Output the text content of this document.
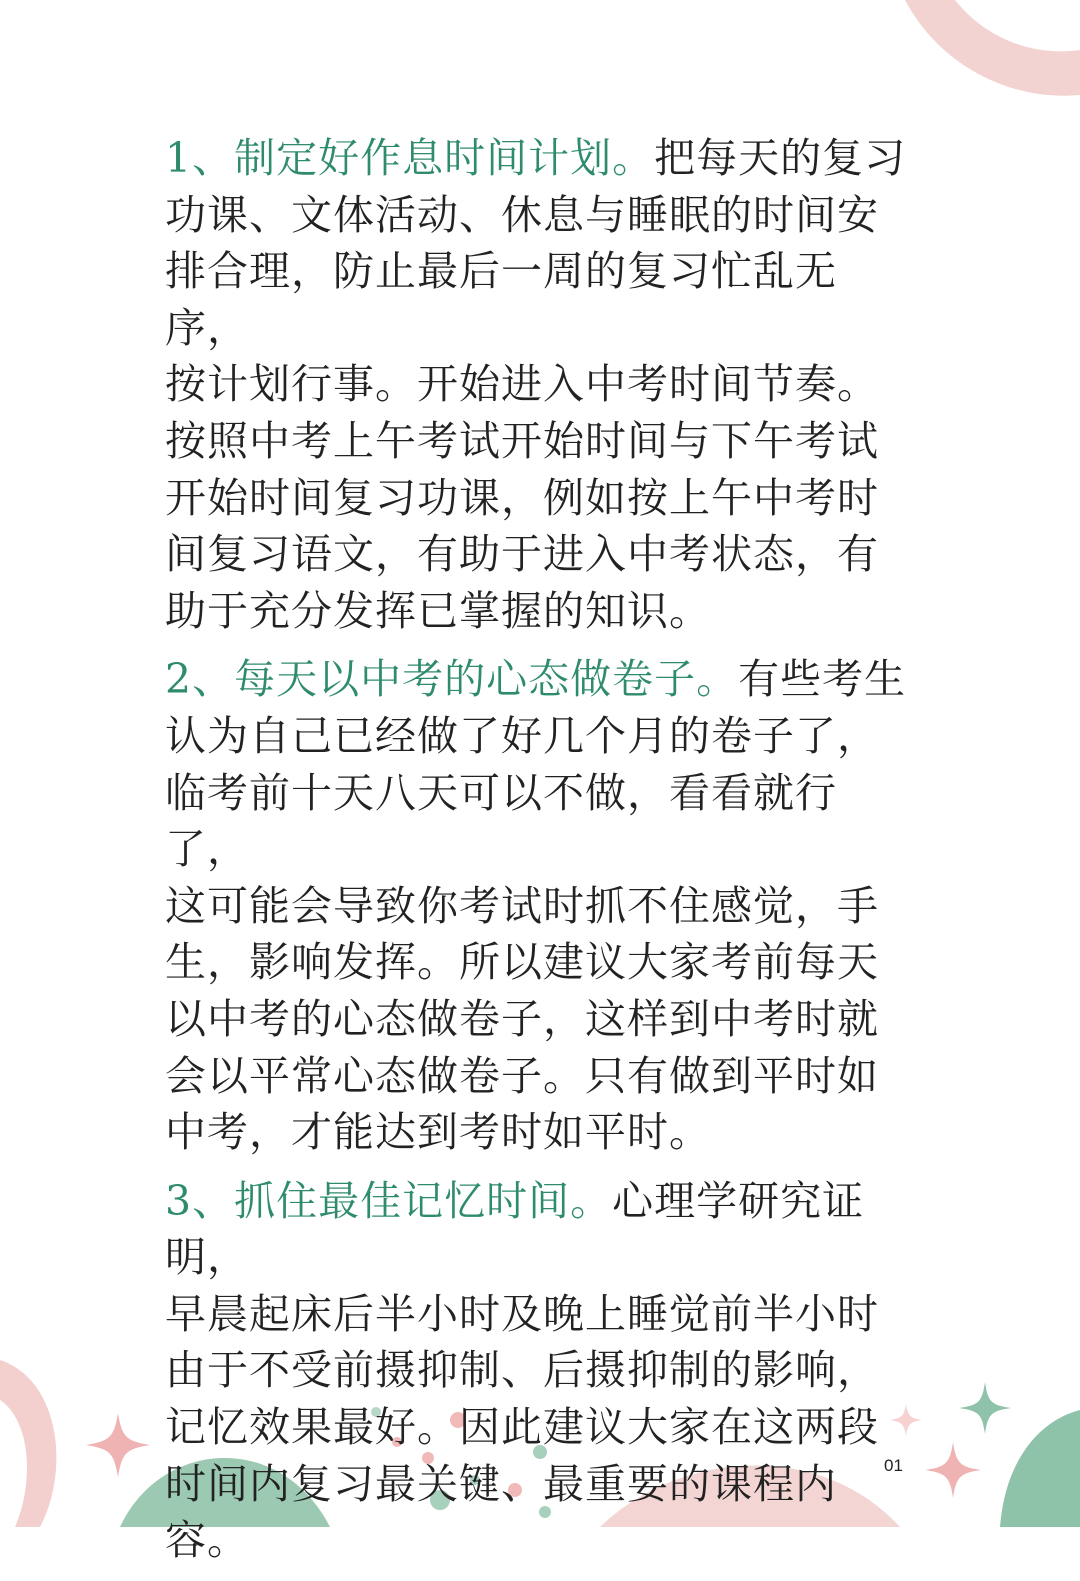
1、制定好作息时间计划。把每天的复习

功课、文体活动、休息与睡眠的时间安

排合理，防止最后一周的复习忙乱无序，

按计划行事。开始进入中考时间节奏。

按照中考上午考试开始时间与下午考试

开始时间复习功课，例如按上午中考时

间复习语文，有助于进入中考状态，有

助于充分发挥已掌握的知识。

2、每天以中考的心态做卷子。有些考生

认为自己已经做了好几个月的卷子了，

临考前十天八天可以不做，看看就行了，

这可能会导致你考试时抓不住感觉，手

生，影响发挥。所以建议大家考前每天

以中考的心态做卷子，这样到中考时就

会以平常心态做卷子。只有做到平时如

中考，才能达到考时如平时。

3、抓住最佳记忆时间。心理学研究证明，

早晨起床后半小时及晚上睡觉前半小时

由于不受前摄抑制、后摄抑制的影响，

记忆效果最好。因此建议大家在这两段

时间内复习最关键、最重要的课程内容。

01
